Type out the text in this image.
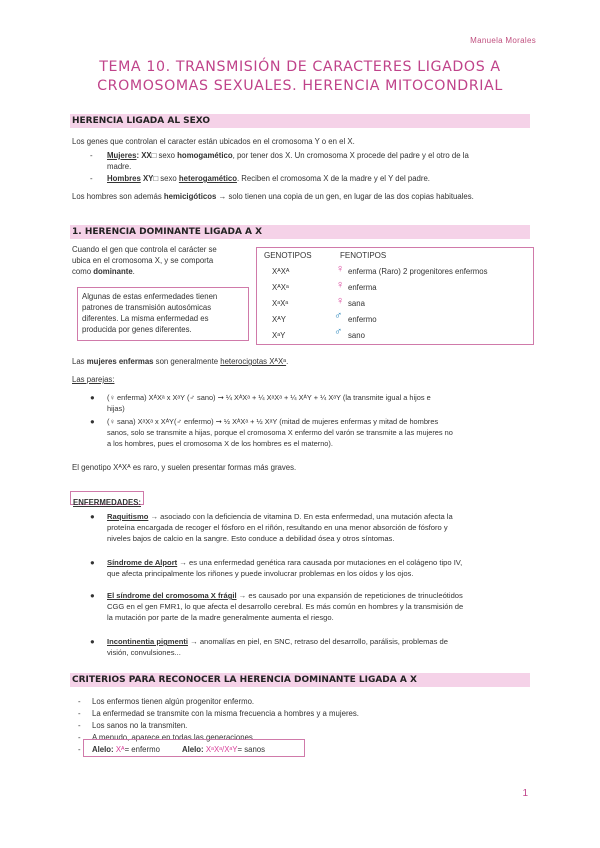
Manuela Morales
TEMA 10. TRANSMISIÓN DE CARACTERES LIGADOS A
CROMOSOMAS SEXUALES. HERENCIA MITOCONDRIAL
HERENCIA LIGADA AL SEXO
Los genes que controlan el caracter están ubicados en el cromosoma Y o en el X.
- Mujeres: XX□ sexo homogamético, por tener dos X. Un cromosoma X procede del padre y el otro de la
madre.
- Hombres XY□ sexo heterogamético. Reciben el cromosoma X de la madre y el Y del padre.
Los hombres son además hemicigóticos → solo tienen una copia de un gen, en lugar de las dos copias habituales.
1. HERENCIA DOMINANTE LIGADA A X
Cuando el gen que controla el carácter se
ubica en el cromosoma X, y se comporta
como dominante.
Algunas de estas enfermedades tienen
patrones de transmisión autosómicas
diferentes. La misma enfermedad es
producida por genes diferentes.
GENOTIPOS	FENOTIPOS
XᴬXᴬ	♀ enferma (Raro) 2 progenitores enfermos
XᴬXᵃ	♀ enferma
XᵃXᵃ	♀ sana
XᴬY	♂ enfermo
XᵃY	♂ sano
Las mujeres enfermas son generalmente heterocigotas XᴬXᵃ.
Las parejas:
● (♀ enferma) XᴬXᵃ x XᵃY (♂ sano) ➞ ¼ XᴬXᵃ + ¼ XᵃXᵃ + ¼ XᴬY + ¼ XᵃY (la transmite igual a hijos e
hijas)
● (♀ sana) XᵃXᵃ x XᴬY(♂ enfermo) ➞ ½ XᴬXᵃ + ½ XᵃY (mitad de mujeres enfermas y mitad de hombres
sanos, solo se transmite a hijas, porque el cromosoma X enfermo del varón se transmite a las mujeres no
a los hombres, pues el cromosoma X de los hombres es el materno).
El genotipo XᴬXᴬ es raro, y suelen presentar formas más graves.
ENFERMEDADES:
● Raquitismo → asociado con la deficiencia de vitamina D. En esta enfermedad, una mutación afecta la
proteína encargada de recoger el fósforo en el riñón, resultando en una menor absorción de fósforo y
niveles bajos de calcio en la sangre. Esto conduce a debilidad ósea y otros síntomas.
● Síndrome de Alport → es una enfermedad genética rara causada por mutaciones en el colágeno tipo IV,
que afecta principalmente los riñones y puede involucrar problemas en los oídos y los ojos.
● El síndrome del cromosoma X frágil → es causado por una expansión de repeticiones de trinucleótidos
CGG en el gen FMR1, lo que afecta el desarrollo cerebral. Es más común en hombres y la transmisión de
la mutación por parte de la madre generalmente aumenta el riesgo.
● Incontinentia pigmenti → anomalías en piel, en SNC, retraso del desarrollo, parálisis, problemas de
visión, convulsiones...
CRITERIOS PARA RECONOCER LA HERENCIA DOMINANTE LIGADA A X
- Los enfermos tienen algún progenitor enfermo.
- La enfermedad se transmite con la misma frecuencia a hombres y a mujeres.
- Los sanos no la transmiten.
- A menudo, aparece en todas las generaciones.
- Alelo: Xᴬ= enfermo	Alelo: XᵃXᵃ/XᵃY= sanos
1
